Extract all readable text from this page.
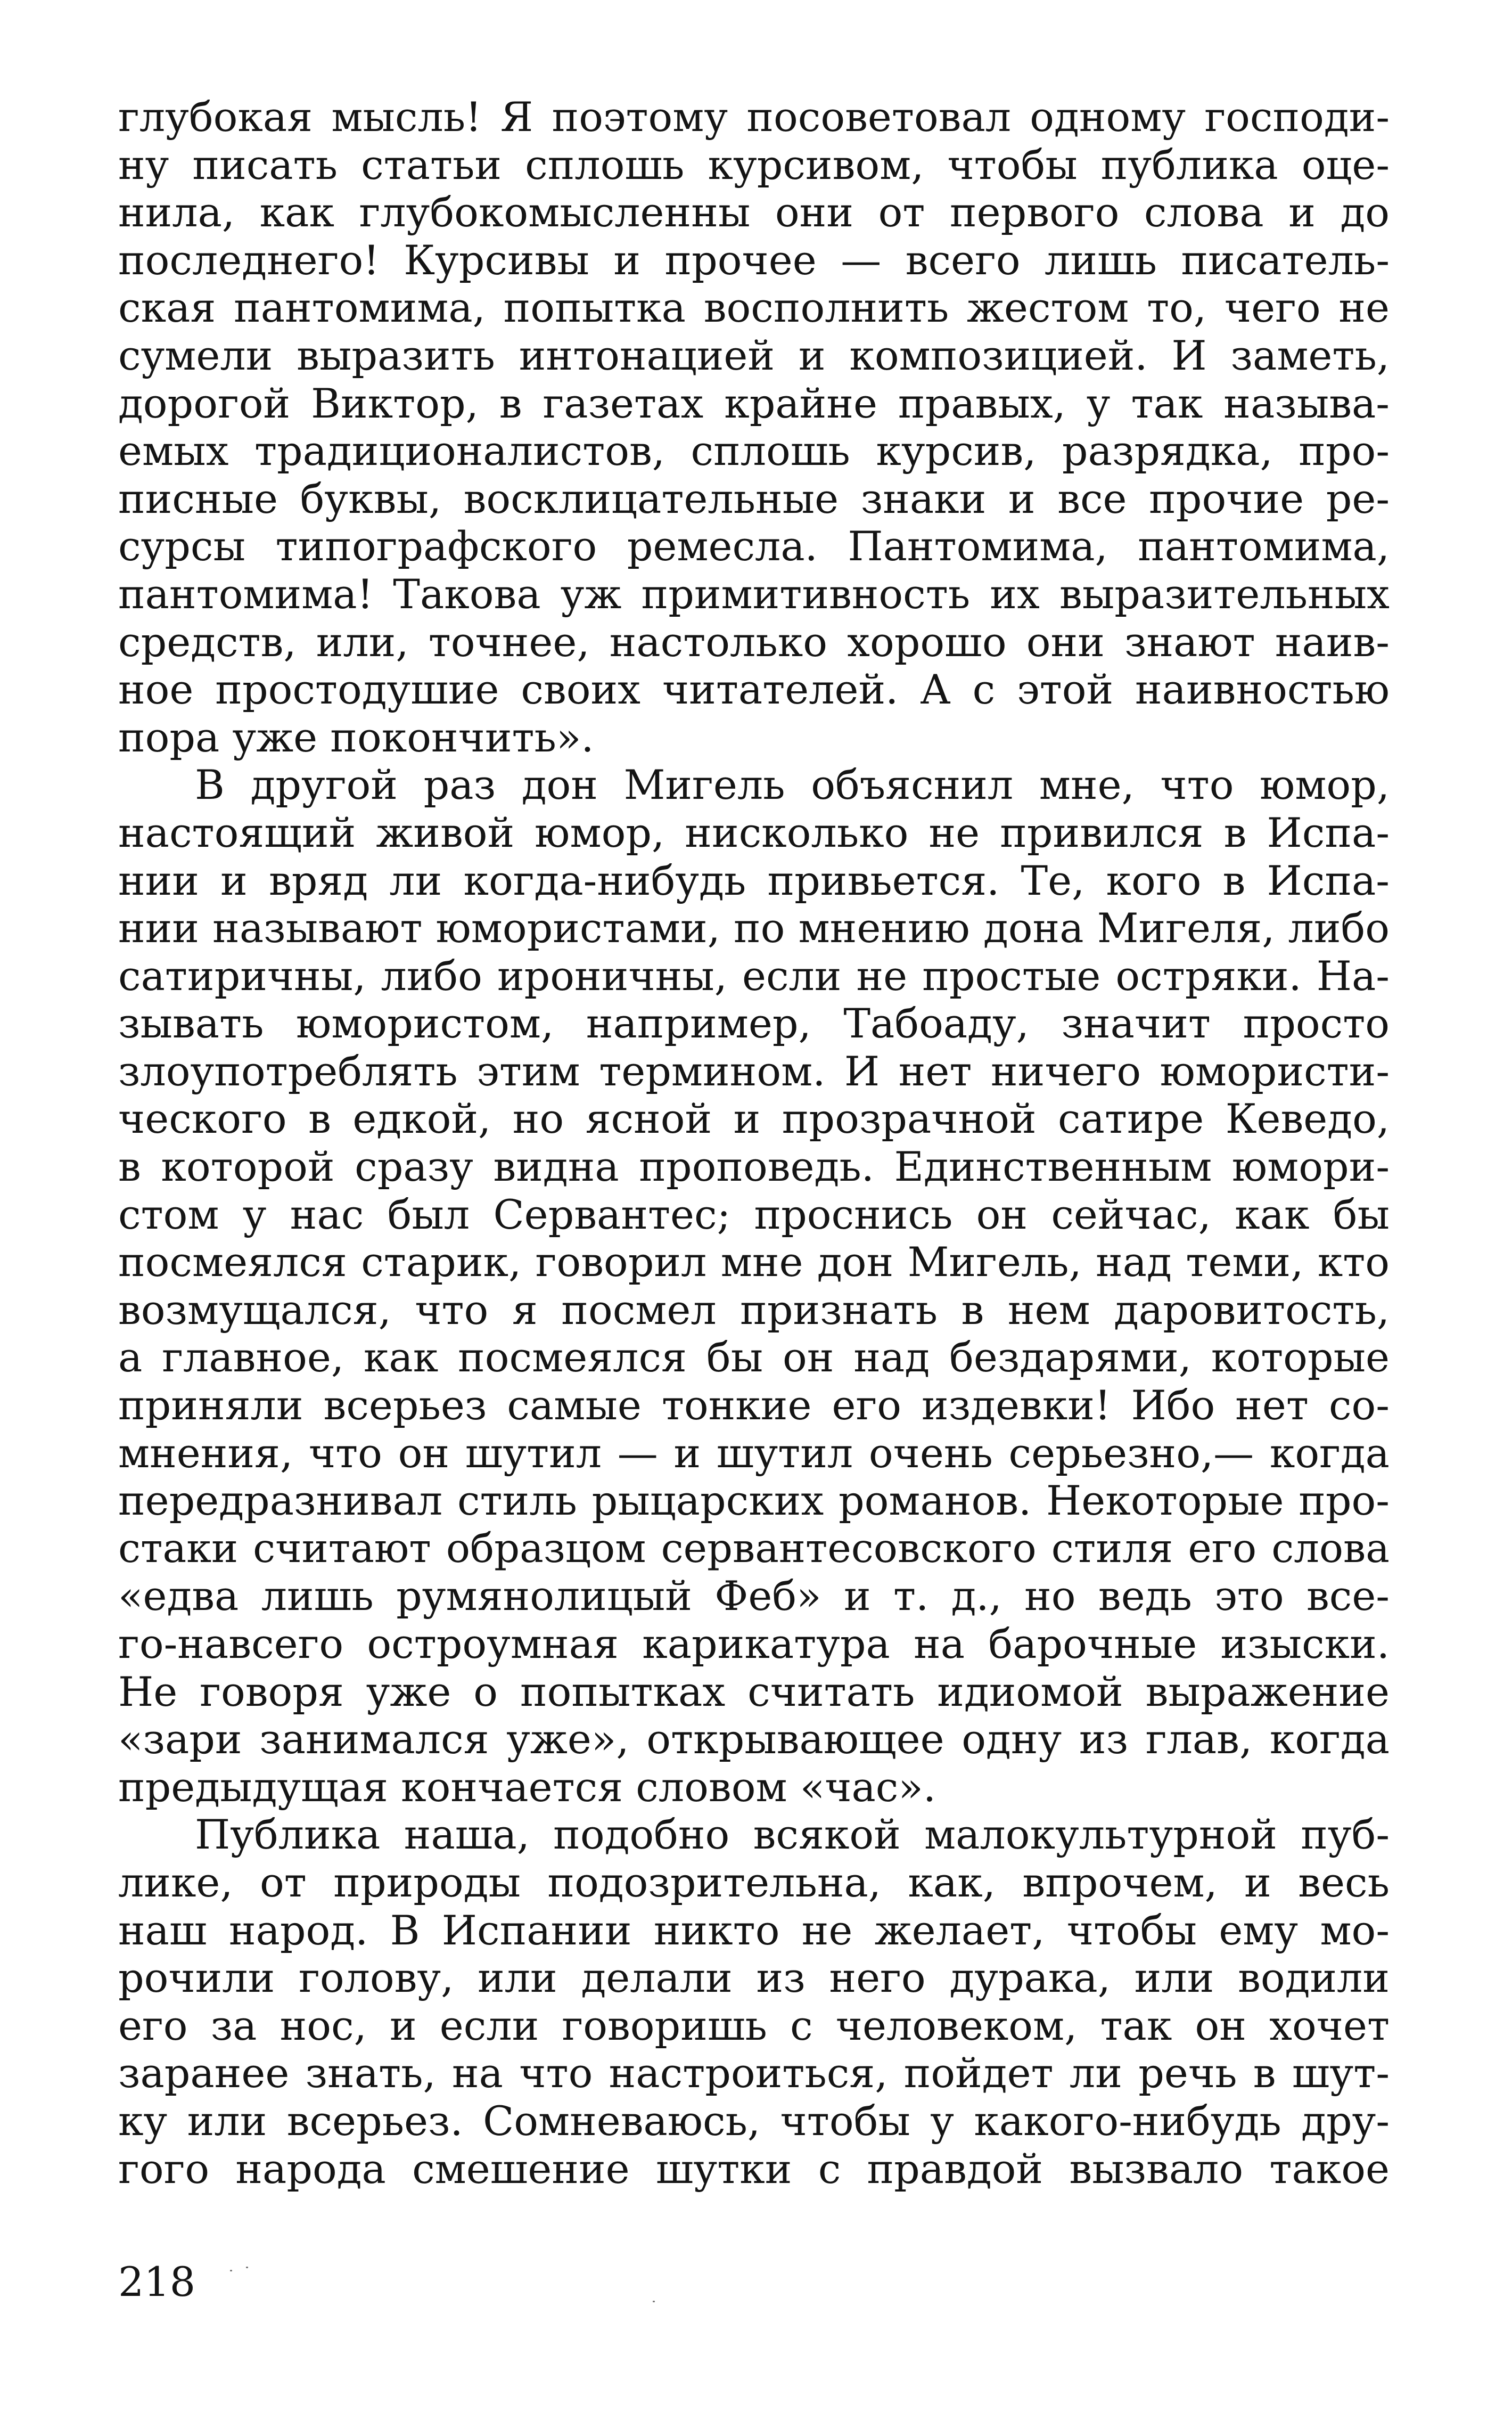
глубокая мысль! Я поэтому посоветовал одному господи-
ну писать статьи сплошь курсивом, чтобы публика оце-
нила, как глубокомысленны они от первого слова и до
последнего! Курсивы и прочее — всего лишь писатель-
ская пантомима, попытка восполнить жестом то, чего не
сумели выразить интонацией и композицией. И заметь,
дорогой Виктор, в газетах крайне правых, у так называ-
емых традиционалистов, сплошь курсив, разрядка, про-
писные буквы, восклицательные знаки и все прочие ре-
сурсы типографского ремесла. Пантомима, пантомима,
пантомима! Такова уж примитивность их выразительных
средств, или, точнее, настолько хорошо они знают наив-
ное простодушие своих читателей. А с этой наивностью
пора уже покончить».
В другой раз дон Мигель объяснил мне, что юмор,
настоящий живой юмор, нисколько не привился в Испа-
нии и вряд ли когда-нибудь привьется. Те, кого в Испа-
нии называют юмористами, по мнению дона Мигеля, либо
сатиричны, либо ироничны, если не простые остряки. На-
зывать юмористом, например, Табоаду, значит просто
злоупотреблять этим термином. И нет ничего юмористи-
ческого в едкой, но ясной и прозрачной сатире Кеведо,
в которой сразу видна проповедь. Единственным юмори-
стом у нас был Сервантес; проснись он сейчас, как бы
посмеялся старик, говорил мне дон Мигель, над теми, кто
возмущался, что я посмел признать в нем даровитость,
а главное, как посмеялся бы он над бездарями, которые
приняли всерьез самые тонкие его издевки! Ибо нет со-
мнения, что он шутил — и шутил очень серьезно,— когда
передразнивал стиль рыцарских романов. Некоторые про-
стаки считают образцом сервантесовского стиля его слова
«едва лишь румянолицый Феб» и т. д., но ведь это все-
го-навсего остроумная карикатура на барочные изыски.
Не говоря уже о попытках считать идиомой выражение
«зари занимался уже», открывающее одну из глав, когда
предыдущая кончается словом «час».
Публика наша, подобно всякой малокультурной пуб-
лике, от природы подозрительна, как, впрочем, и весь
наш народ. В Испании никто не желает, чтобы ему мо-
рочили голову, или делали из него дурака, или водили
его за нос, и если говоришь с человеком, так он хочет
заранее знать, на что настроиться, пойдет ли речь в шут-
ку или всерьез. Сомневаюсь, чтобы у какого-нибудь дру-
гого народа смешение шутки с правдой вызвало такое
218
